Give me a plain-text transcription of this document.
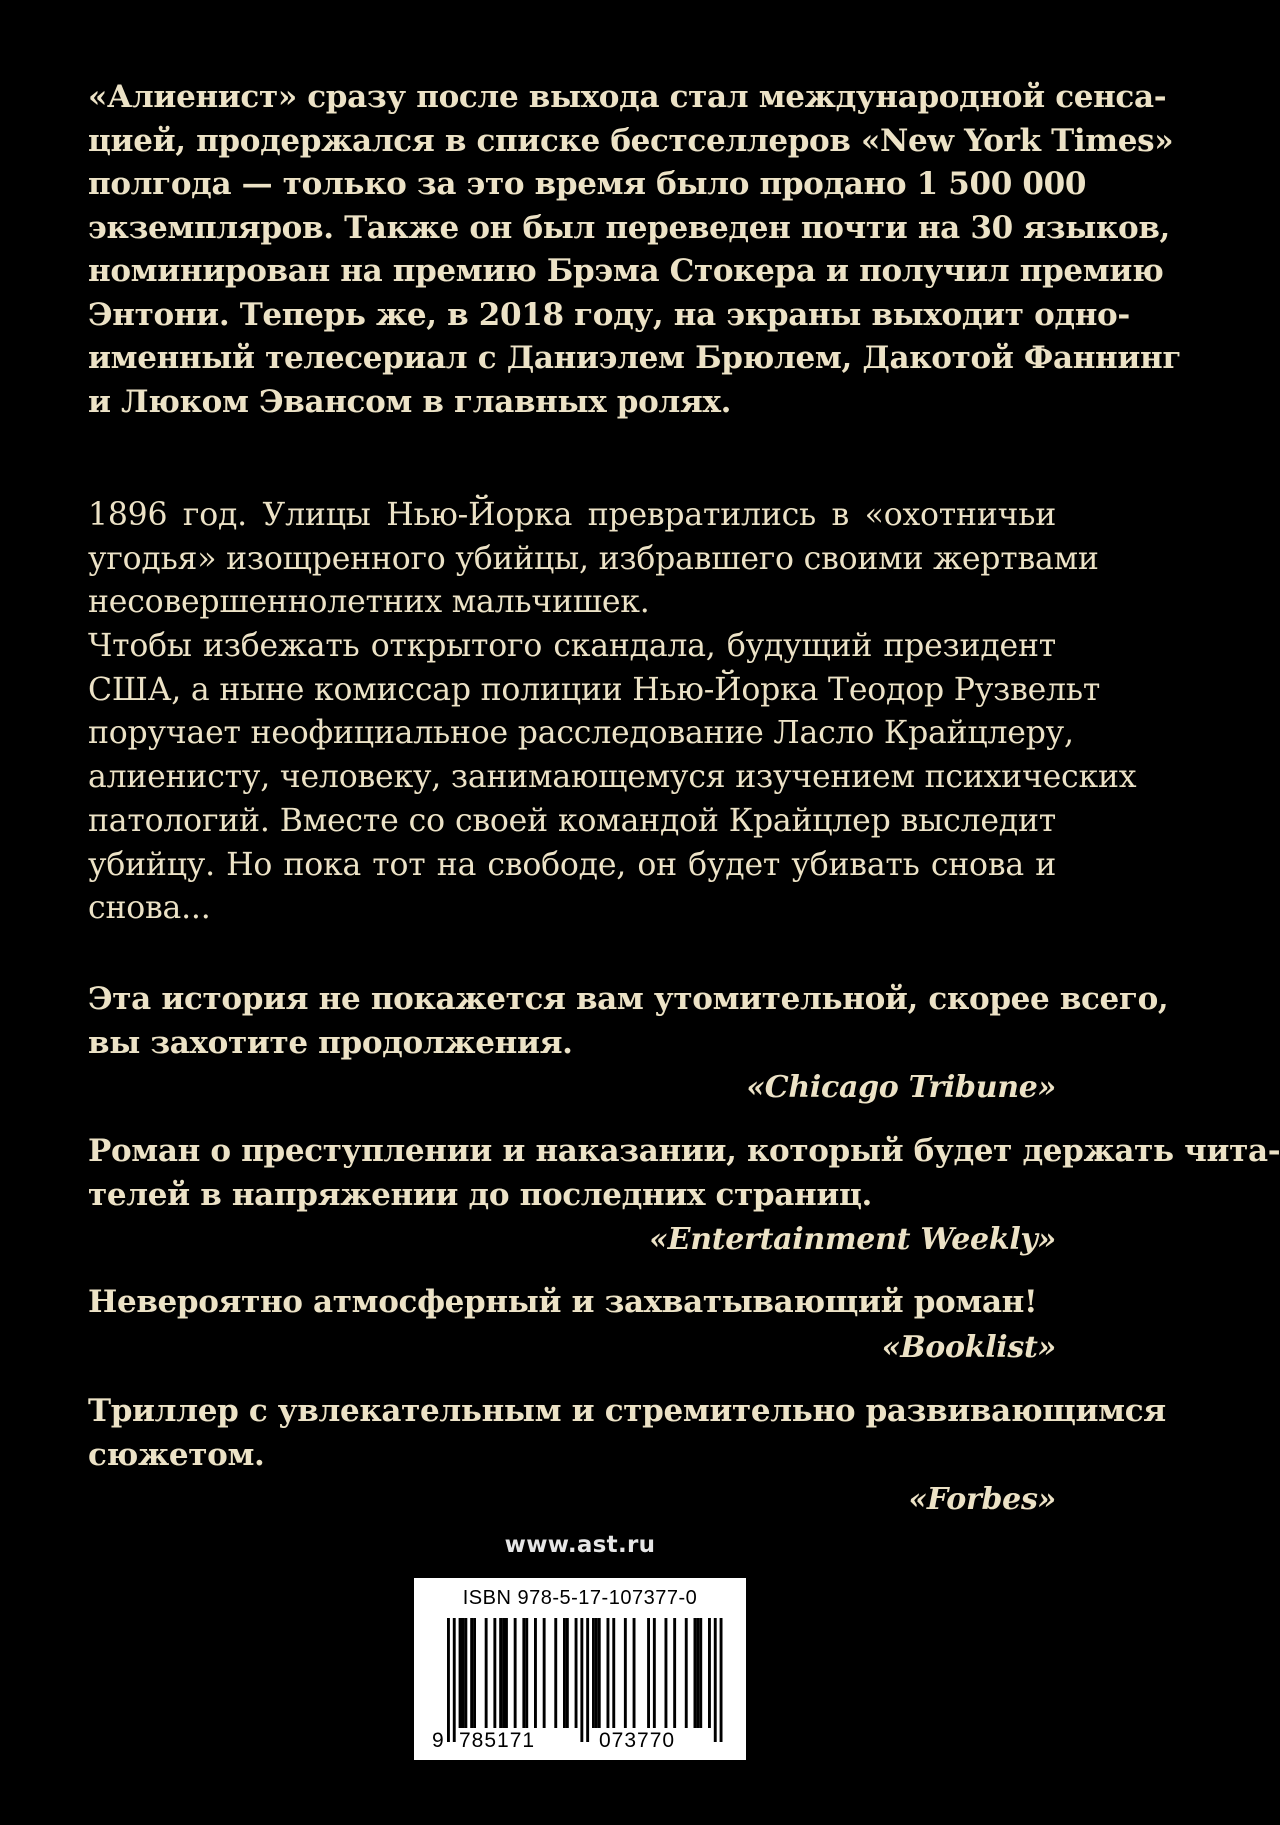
«Алиенист» сразу после выхода стал международной сенса-
цией, продержался в списке бестселлеров «New York Times»
полгода — только за это время было продано 1 500 000
экземпляров. Также он был переведен почти на 30 языков,
номинирован на премию Брэма Стокера и получил премию
Энтони. Теперь же, в 2018 году, на экраны выходит одно-
именный телесериал с Даниэлем Брюлем, Дакотой Фаннинг
и Люком Эвансом в главных ролях.
1896 год. Улицы Нью-Йорка превратились в «охотничьи
угодья» изощренного убийцы, избравшего своими жертвами
несовершеннолетних мальчишек.
Чтобы избежать открытого скандала, будущий президент
США, а ныне комиссар полиции Нью-Йорка Теодор Рузвельт
поручает неофициальное расследование Ласло Крайцлеру,
алиенисту, человеку, занимающемуся изучением психических
патологий. Вместе со своей командой Крайцлер выследит
убийцу. Но пока тот на свободе, он будет убивать снова и
снова...
Эта история не покажется вам утомительной, скорее всего,
вы захотите продолжения.
«Chicago Tribune»
Роман о преступлении и наказании, который будет держать чита-
телей в напряжении до последних страниц.
«Entertainment Weekly»
Невероятно атмосферный и захватывающий роман!
«Booklist»
Триллер с увлекательным и стремительно развивающимся
сюжетом.
«Forbes»
www.ast.ru
ISBN 978-5-17-107377-0
9 785171	073770
